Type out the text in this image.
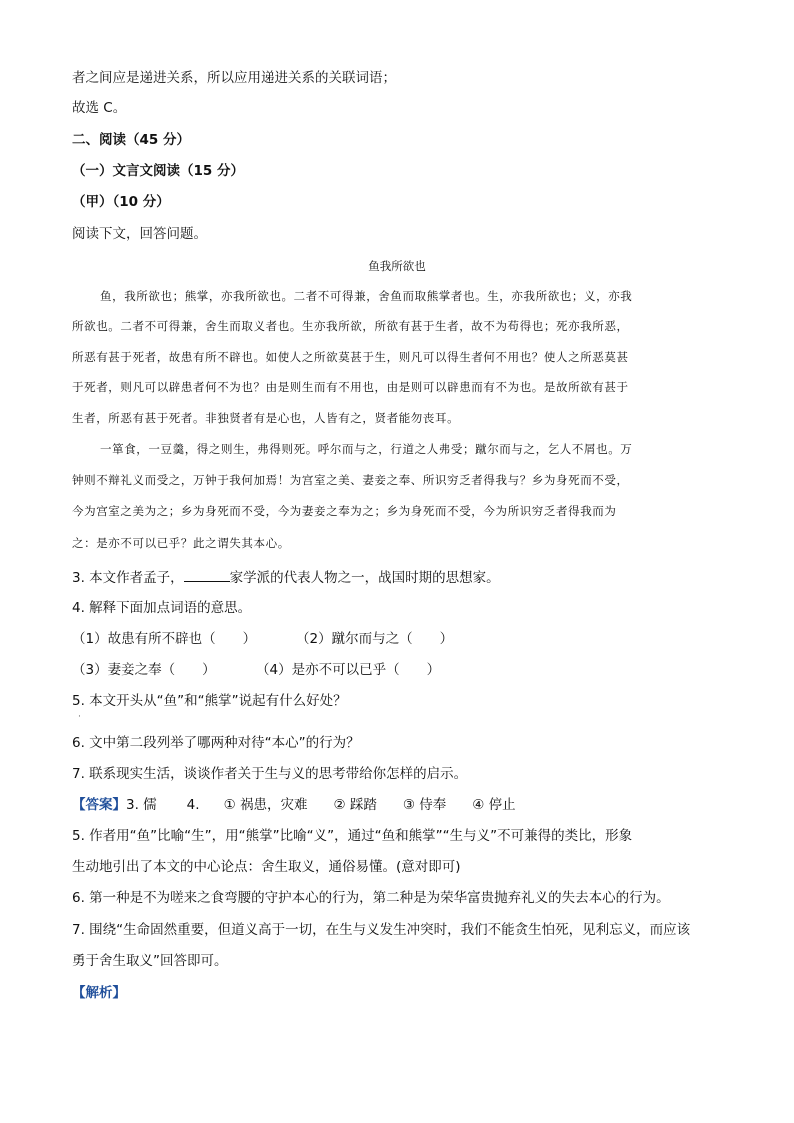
者之间应是递进关系，所以应用递进关系的关联词语；
故选 C。
二、阅读（45 分）
（一）文言文阅读（15 分）
（甲）（10 分）
阅读下文，回答问题。
鱼我所欲也
鱼，我所欲也；熊掌，亦我所欲也。二者不可得兼，舍鱼而取熊掌者也。生，亦我所欲也；义，亦我
所欲也。二者不可得兼，舍生而取义者也。生亦我所欲，所欲有甚于生者，故不为苟得也；死亦我所恶，
所恶有甚于死者，故患有所不辟也。如使人之所欲莫甚于生，则凡可以得生者何不用也？使人之所恶莫甚
于死者，则凡可以辟患者何不为也？由是则生而有不用也，由是则可以辟患而有不为也。是故所欲有甚于
生者，所恶有甚于死者。非独贤者有是心也，人皆有之，贤者能勿丧耳。
一箪食，一豆羹，得之则生，弗得则死。呼尔而与之，行道之人弗受；蹴尔而与之，乞人不屑也。万
钟则不辩礼义而受之，万钟于我何加焉！为宫室之美、妻妾之奉、所识穷乏者得我与？乡为身死而不受，
今为宫室之美为之；乡为身死而不受，今为妻妾之奉为之；乡为身死而不受，今为所识穷乏者得我而为
之：是亦不可以已乎？此之谓失其本心。
3. 本文作者孟子，	家学派的代表人物之一，战国时期的思想家。
4. 解释下面加点词语的意思。
（1）故患有所不辟也（　　）	（2）蹴尔而与之（　　）
（3）妻妾之奉（　　）	（4）是亦不可以已乎（　　）
5. 本文开头从“鱼”和“熊掌”说起有什么好处？
·
6. 文中第二段列举了哪两种对待“本心”的行为？
7. 联系现实生活，谈谈作者关于生与义的思考带给你怎样的启示。
【答案】3. 儒 4. ① 祸患，灾难 ② 踩踏 ③ 侍奉 ④ 停止
5. 作者用“鱼”比喻“生”，用“熊掌”比喻“义”，通过“鱼和熊掌”“生与义”不可兼得的类比，形象
生动地引出了本文的中心论点：舍生取义，通俗易懂。(意对即可)
6. 第一种是不为嗟来之食弯腰的守护本心的行为，第二种是为荣华富贵抛弃礼义的失去本心的行为。
7. 围绕“生命固然重要，但道义高于一切，在生与义发生冲突时，我们不能贪生怕死，见利忘义，而应该
勇于舍生取义”回答即可。
【解析】
